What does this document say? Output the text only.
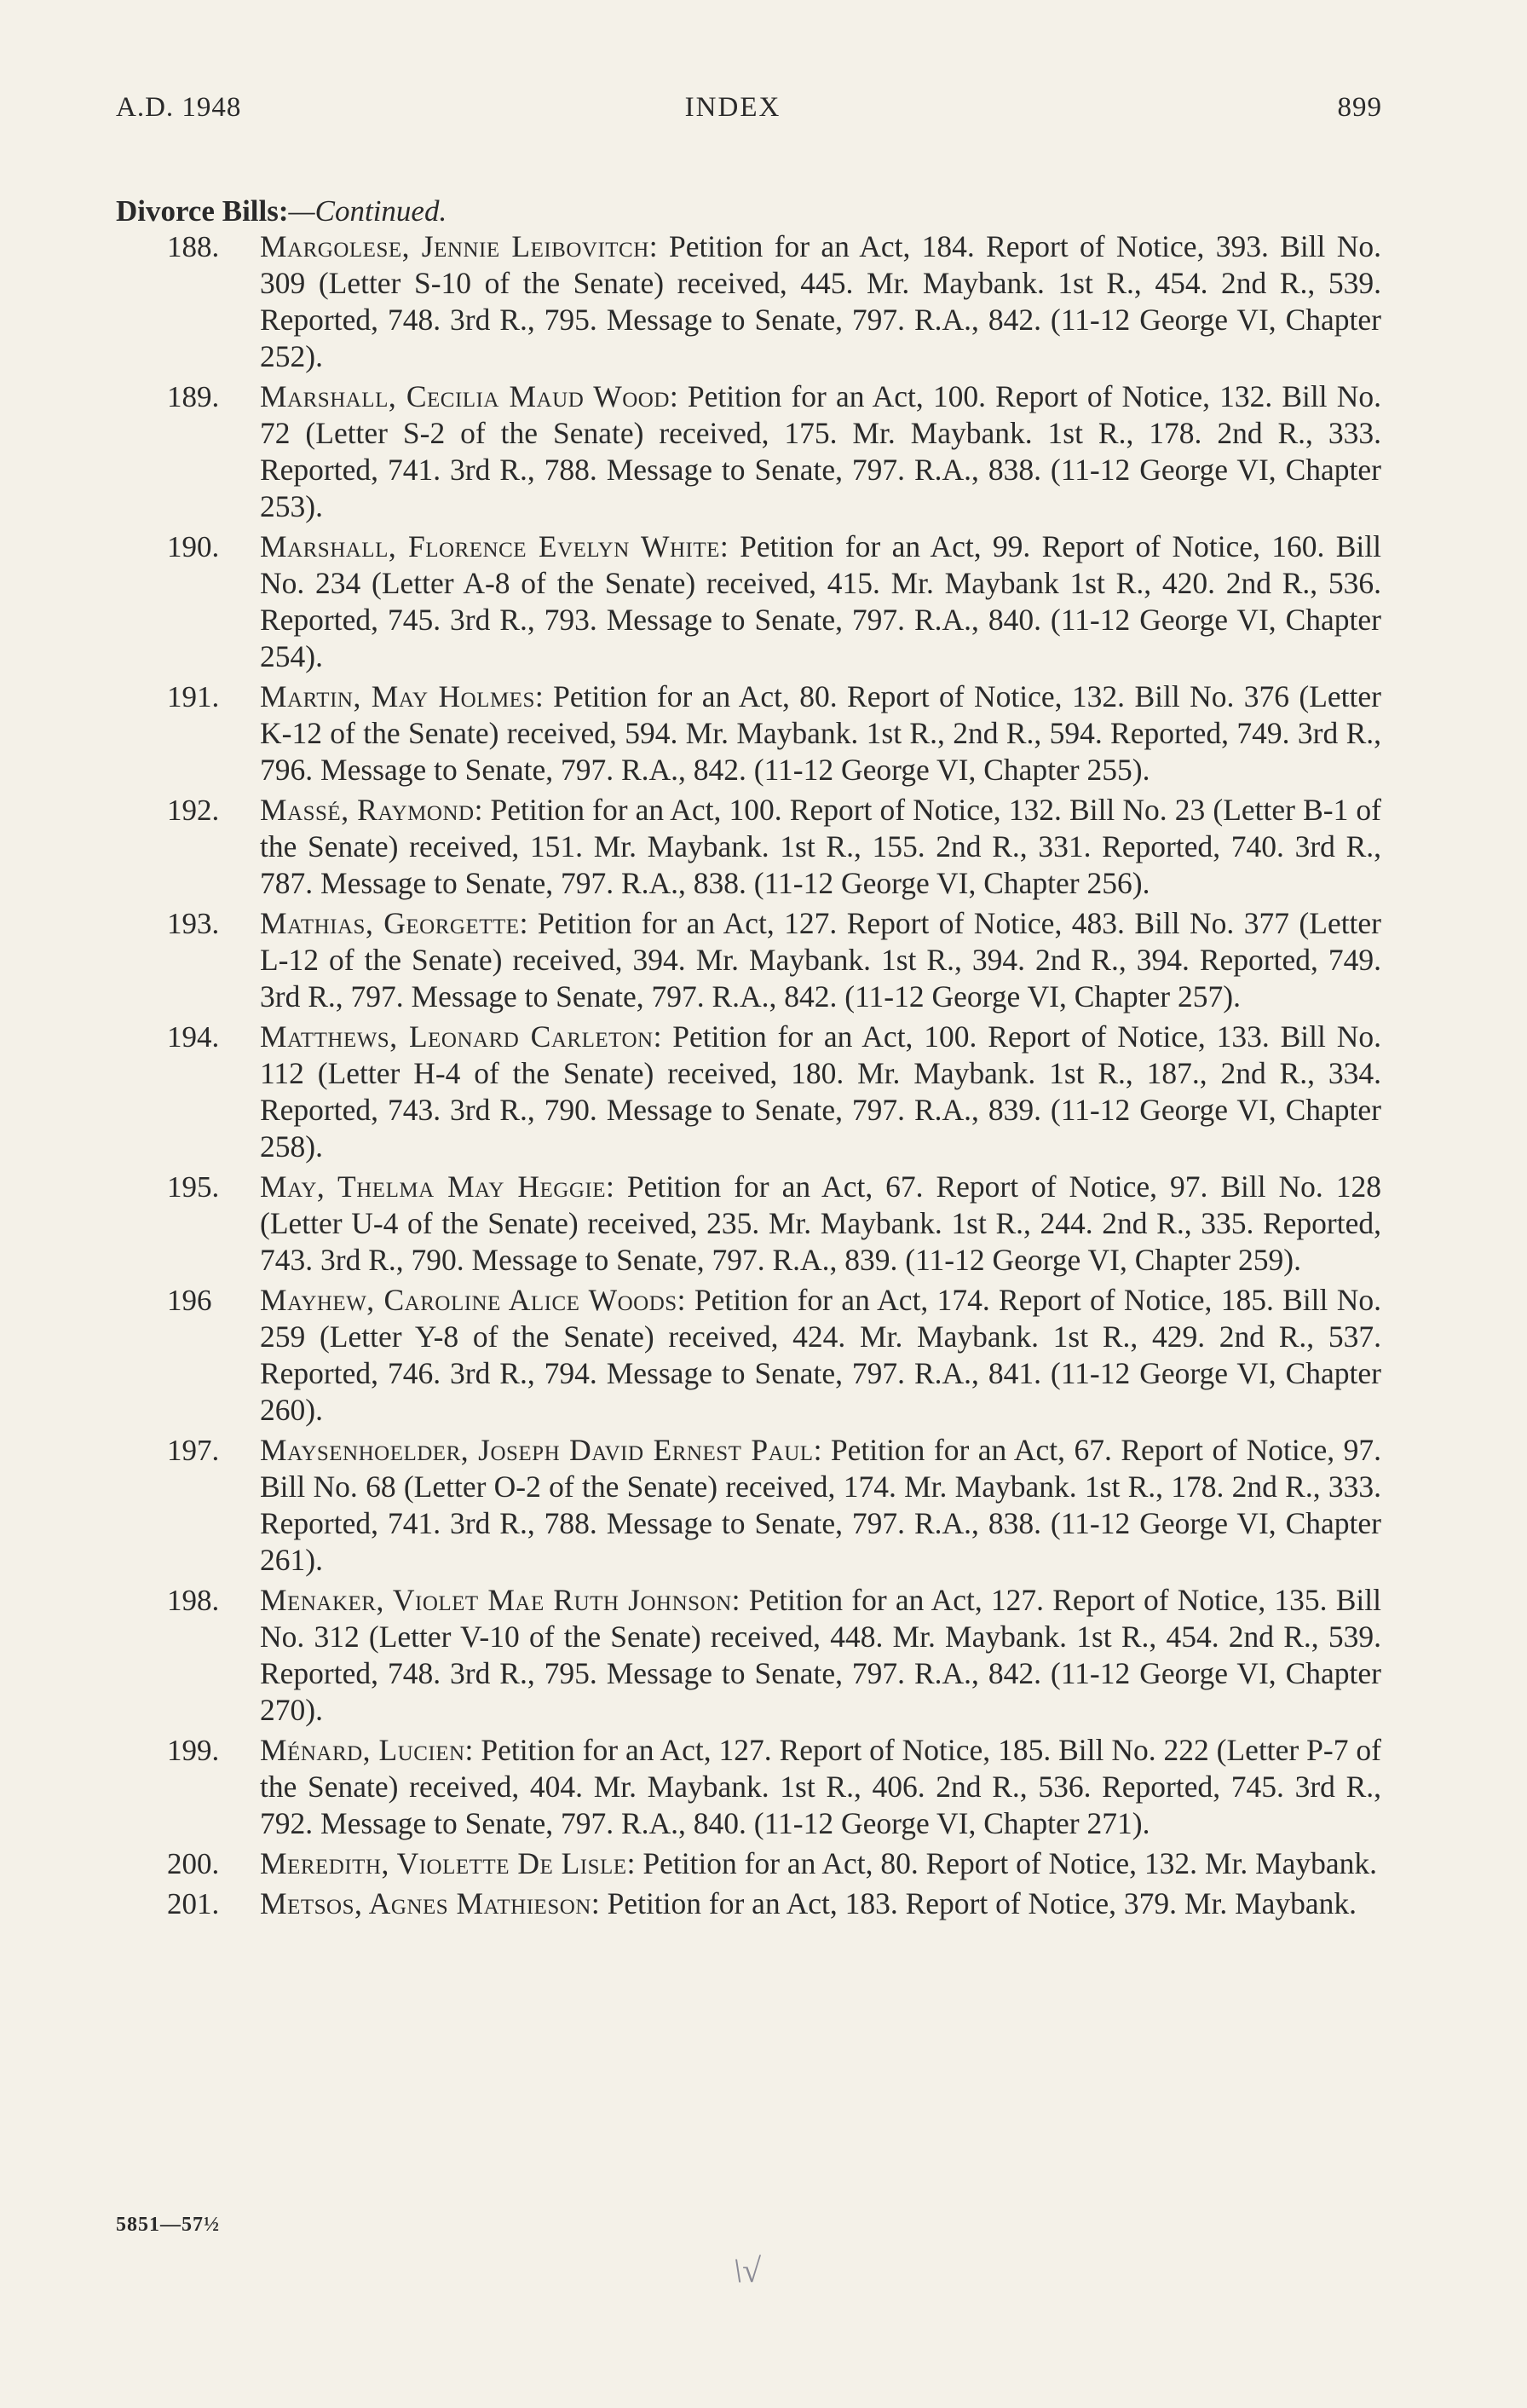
A.D. 1948	INDEX	899
Divorce Bills:—Continued.
188. Margolese, Jennie Leibovitch: Petition for an Act, 184. Report of Notice, 393. Bill No. 309 (Letter S-10 of the Senate) received, 445. Mr. Maybank. 1st R., 454. 2nd R., 539. Reported, 748. 3rd R., 795. Message to Senate, 797. R.A., 842. (11-12 George VI, Chapter 252).
189. Marshall, Cecilia Maud Wood: Petition for an Act, 100. Report of Notice, 132. Bill No. 72 (Letter S-2 of the Senate) received, 175. Mr. Maybank. 1st R., 178. 2nd R., 333. Reported, 741. 3rd R., 788. Message to Senate, 797. R.A., 838. (11-12 George VI, Chapter 253).
190. Marshall, Florence Evelyn White: Petition for an Act, 99. Report of Notice, 160. Bill No. 234 (Letter A-8 of the Senate) received, 415. Mr. Maybank 1st R., 420. 2nd R., 536. Reported, 745. 3rd R., 793. Message to Senate, 797. R.A., 840. (11-12 George VI, Chapter 254).
191. Martin, May Holmes: Petition for an Act, 80. Report of Notice, 132. Bill No. 376 (Letter K-12 of the Senate) received, 594. Mr. Maybank. 1st R., 2nd R., 594. Reported, 749. 3rd R., 796. Message to Senate, 797. R.A., 842. (11-12 George VI, Chapter 255).
192. Massé, Raymond: Petition for an Act, 100. Report of Notice, 132. Bill No. 23 (Letter B-1 of the Senate) received, 151. Mr. Maybank. 1st R., 155. 2nd R., 331. Reported, 740. 3rd R., 787. Message to Senate, 797. R.A., 838. (11-12 George VI, Chapter 256).
193. Mathias, Georgette: Petition for an Act, 127. Report of Notice, 483. Bill No. 377 (Letter L-12 of the Senate) received, 394. Mr. Maybank. 1st R., 394. 2nd R., 394. Reported, 749. 3rd R., 797. Message to Senate, 797. R.A., 842. (11-12 George VI, Chapter 257).
194. Matthews, Leonard Carleton: Petition for an Act, 100. Report of Notice, 133. Bill No. 112 (Letter H-4 of the Senate) received, 180. Mr. Maybank. 1st R., 187., 2nd R., 334. Reported, 743. 3rd R., 790. Message to Senate, 797. R.A., 839. (11-12 George VI, Chapter 258).
195. May, Thelma May Heggie: Petition for an Act, 67. Report of Notice, 97. Bill No. 128 (Letter U-4 of the Senate) received, 235. Mr. Maybank. 1st R., 244. 2nd R., 335. Reported, 743. 3rd R., 790. Message to Senate, 797. R.A., 839. (11-12 George VI, Chapter 259).
196 Mayhew, Caroline Alice Woods: Petition for an Act, 174. Report of Notice, 185. Bill No. 259 (Letter Y-8 of the Senate) received, 424. Mr. Maybank. 1st R., 429. 2nd R., 537. Reported, 746. 3rd R., 794. Message to Senate, 797. R.A., 841. (11-12 George VI, Chapter 260).
197. Maysenhoelder, Joseph David Ernest Paul: Petition for an Act, 67. Report of Notice, 97. Bill No. 68 (Letter O-2 of the Senate) received, 174. Mr. Maybank. 1st R., 178. 2nd R., 333. Reported, 741. 3rd R., 788. Message to Senate, 797. R.A., 838. (11-12 George VI, Chapter 261).
198. Menaker, Violet Mae Ruth Johnson: Petition for an Act, 127. Report of Notice, 135. Bill No. 312 (Letter V-10 of the Senate) received, 448. Mr. Maybank. 1st R., 454. 2nd R., 539. Reported, 748. 3rd R., 795. Message to Senate, 797. R.A., 842. (11-12 George VI, Chapter 270).
199. Ménard, Lucien: Petition for an Act, 127. Report of Notice, 185. Bill No. 222 (Letter P-7 of the Senate) received, 404. Mr. Maybank. 1st R., 406. 2nd R., 536. Reported, 745. 3rd R., 792. Message to Senate, 797. R.A., 840. (11-12 George VI, Chapter 271).
200. Meredith, Violette De Lisle: Petition for an Act, 80. Report of Notice, 132. Mr. Maybank.
201. Metsos, Agnes Mathieson: Petition for an Act, 183. Report of Notice, 379. Mr. Maybank.
5851—57½
\√
